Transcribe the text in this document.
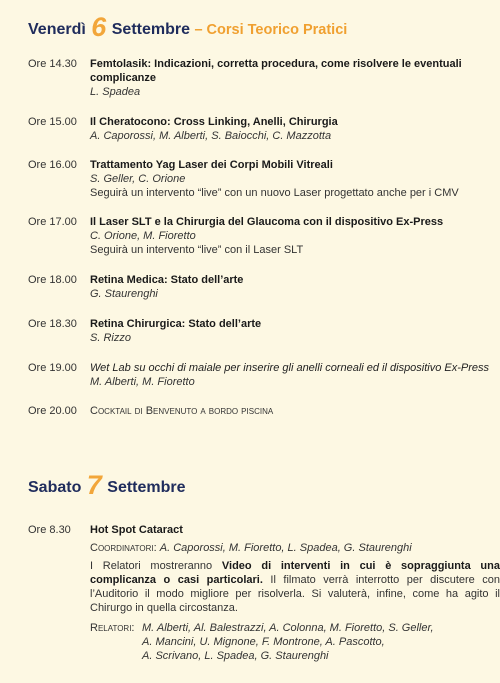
Venerdì 6 Settembre – Corsi Teorico Pratici
Ore 14.30	Femtolasik: Indicazioni, corretta procedura, come risolvere le eventuali complicanze
L. Spadea
Ore 15.00	Il Cheratocono: Cross Linking, Anelli, Chirurgia
A. Caporossi, M. Alberti, S. Baiocchi, C. Mazzotta
Ore 16.00	Trattamento Yag Laser dei Corpi Mobili Vitreali
S. Geller, C. Orione
Seguirà un intervento “live” con un nuovo Laser progettato anche per i CMV
Ore 17.00	Il Laser SLT e la Chirurgia del Glaucoma con il dispositivo Ex-Press
C. Orione, M. Fioretto
Seguirà un intervento “live” con il Laser SLT
Ore 18.00	Retina Medica: Stato dell’arte
G. Staurenghi
Ore 18.30	Retina Chirurgica: Stato dell’arte
S. Rizzo
Ore 19.00	Wet Lab su occhi di maiale per inserire gli anelli corneali ed il dispositivo Ex-Press
M. Alberti, M. Fioretto
Ore 20.00	Cocktail di Benvenuto a bordo piscina
Sabato 7 Settembre
Ore 8.30	Hot Spot Cataract
Coordinatori: A. Caporossi, M. Fioretto, L. Spadea, G. Staurenghi
I Relatori mostreranno Video di interventi in cui è sopraggiunta una complicanza o casi particolari. Il filmato verrà interrotto per discutere con l’Auditorio il modo migliore per risolverla. Si valuterà, infine, come ha agito il Chirurgo in quella circostanza.
Relatori: M. Alberti, Al. Balestrazzi, A. Colonna, M. Fioretto, S. Geller,
A. Mancini, U. Mignone, F. Montrone, A. Pascotto,
A. Scrivano, L. Spadea, G. Staurenghi
